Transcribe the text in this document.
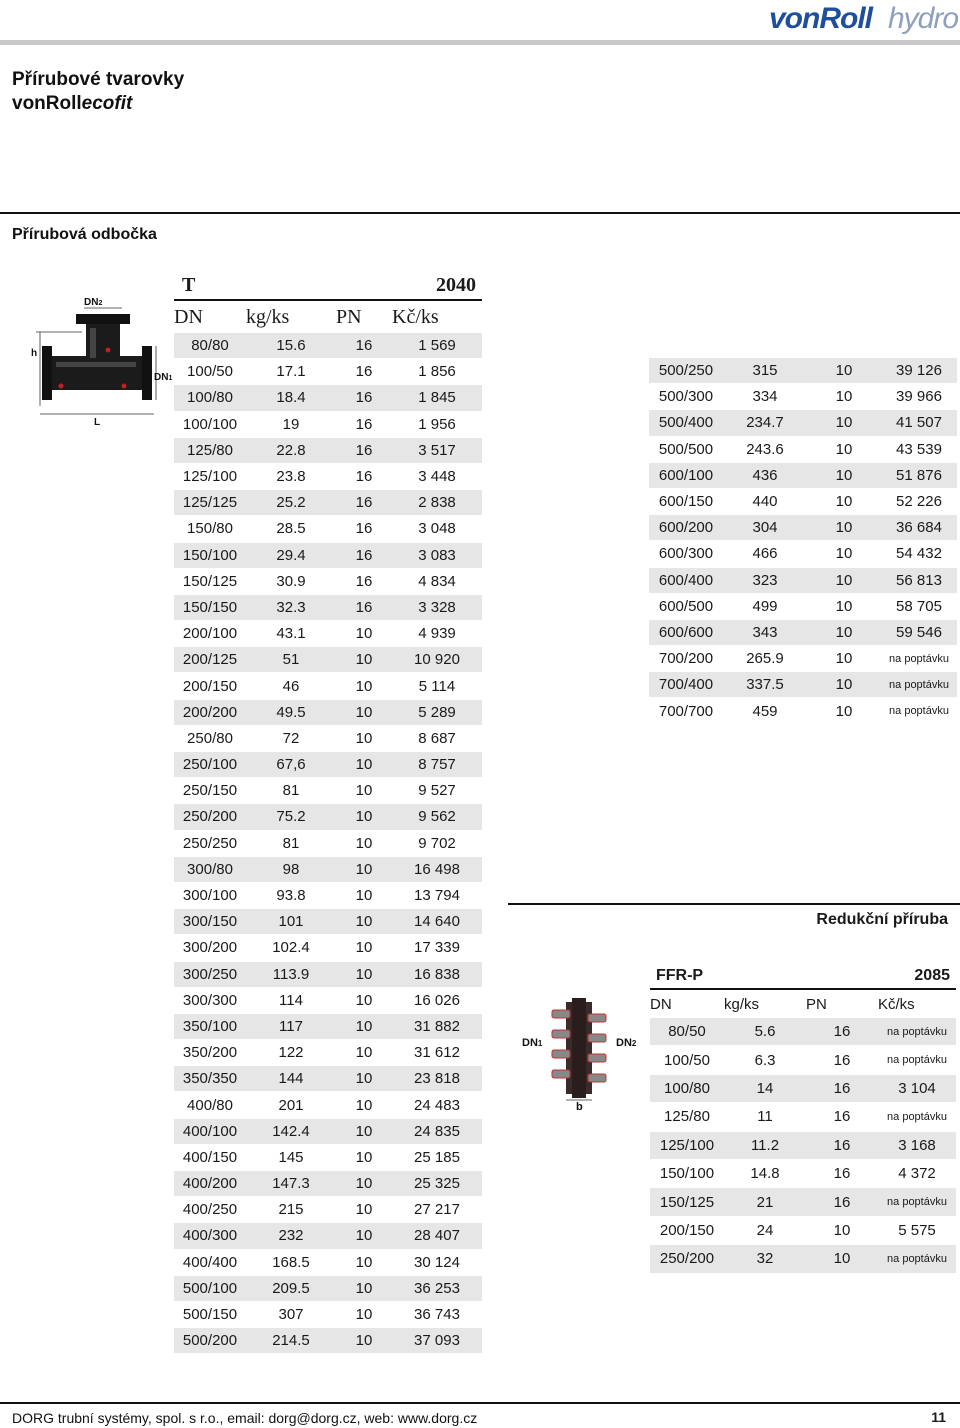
vonRoll hydro
Přírubové tvarovky
vonRollecofit
Přírubová odbočka
DN2
DN1
h
L
T	2040
DN	kg/ks	PN	Kč/ks
80/80	15.6	16	1 569
100/50	17.1	16	1 856
100/80	18.4	16	1 845
100/100	19	16	1 956
125/80	22.8	16	3 517
125/100	23.8	16	3 448
125/125	25.2	16	2 838
150/80	28.5	16	3 048
150/100	29.4	16	3 083
150/125	30.9	16	4 834
150/150	32.3	16	3 328
200/100	43.1	10	4 939
200/125	51	10	10 920
200/150	46	10	5 114
200/200	49.5	10	5 289
250/80	72	10	8 687
250/100	67,6	10	8 757
250/150	81	10	9 527
250/200	75.2	10	9 562
250/250	81	10	9 702
300/80	98	10	16 498
300/100	93.8	10	13 794
300/150	101	10	14 640
300/200	102.4	10	17 339
300/250	113.9	10	16 838
300/300	114	10	16 026
350/100	117	10	31 882
350/200	122	10	31 612
350/350	144	10	23 818
400/80	201	10	24 483
400/100	142.4	10	24 835
400/150	145	10	25 185
400/200	147.3	10	25 325
400/250	215	10	27 217
400/300	232	10	28 407
400/400	168.5	10	30 124
500/100	209.5	10	36 253
500/150	307	10	36 743
500/200	214.5	10	37 093
500/250	315	10	39 126
500/300	334	10	39 966
500/400	234.7	10	41 507
500/500	243.6	10	43 539
600/100	436	10	51 876
600/150	440	10	52 226
600/200	304	10	36 684
600/300	466	10	54 432
600/400	323	10	56 813
600/500	499	10	58 705
600/600	343	10	59 546
700/200	265.9	10	na poptávku
700/400	337.5	10	na poptávku
700/700	459	10	na poptávku
Redukční příruba
DN1	DN2
b
FFR-P	2085
DN	kg/ks	PN	Kč/ks
80/50	5.6	16	na poptávku
100/50	6.3	16	na poptávku
100/80	14	16	3 104
125/80	11	16	na poptávku
125/100	11.2	16	3 168
150/100	14.8	16	4 372
150/125	21	16	na poptávku
200/150	24	10	5 575
250/200	32	10	na poptávku
DORG trubní systémy, spol. s r.o., email: dorg@dorg.cz, web: www.dorg.cz	11
